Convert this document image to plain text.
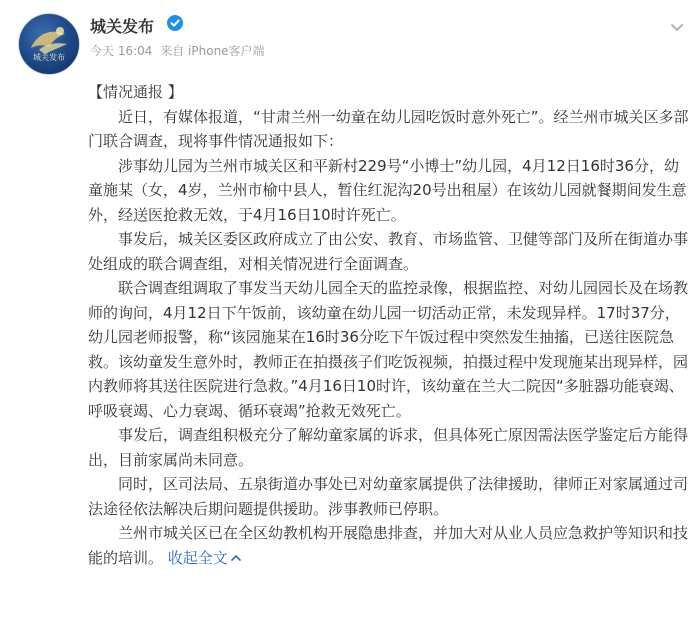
城关发布
城关发布
今天 16:04 来自 iPhone客户端

【情况通报 】

近日，有媒体报道，“甘肃兰州一幼童在幼儿园吃饭时意外死亡”。经兰州市城关区多部门联合调查，现将事件情况通报如下：

涉事幼儿园为兰州市城关区和平新村229号“小博士”幼儿园，4月12日16时36分，幼童施某（女，4岁，兰州市榆中县人，暂住红泥沟20号出租屋）在该幼儿园就餐期间发生意外，经送医抢救无效，于4月16日10时许死亡。

事发后，城关区委区政府成立了由公安、教育、市场监管、卫健等部门及所在街道办事处组成的联合调查组，对相关情况进行全面调查。

联合调查组调取了事发当天幼儿园全天的监控录像，根据监控、对幼儿园园长及在场教师的询问，4月12日下午饭前，该幼童在幼儿园一切活动正常，未发现异样。17时37分，幼儿园老师报警，称“该园施某在16时36分吃下午饭过程中突然发生抽搐，已送往医院急救。该幼童发生意外时，教师正在拍摄孩子们吃饭视频，拍摄过程中发现施某出现异样，园内教师将其送往医院进行急救。”4月16日10时许，该幼童在兰大二院因“多脏器功能衰竭、呼吸衰竭、心力衰竭、循环衰竭”抢救无效死亡。

事发后，调查组积极充分了解幼童家属的诉求，但具体死亡原因需法医学鉴定后方能得出，目前家属尚未同意。

同时，区司法局、五泉街道办事处已对幼童家属提供了法律援助，律师正对家属通过司法途径依法解决后期问题提供援助。涉事教师已停职。

兰州市城关区已在全区幼教机构开展隐患排查，并加大对从业人员应急救护等知识和技能的培训。 收起全文
